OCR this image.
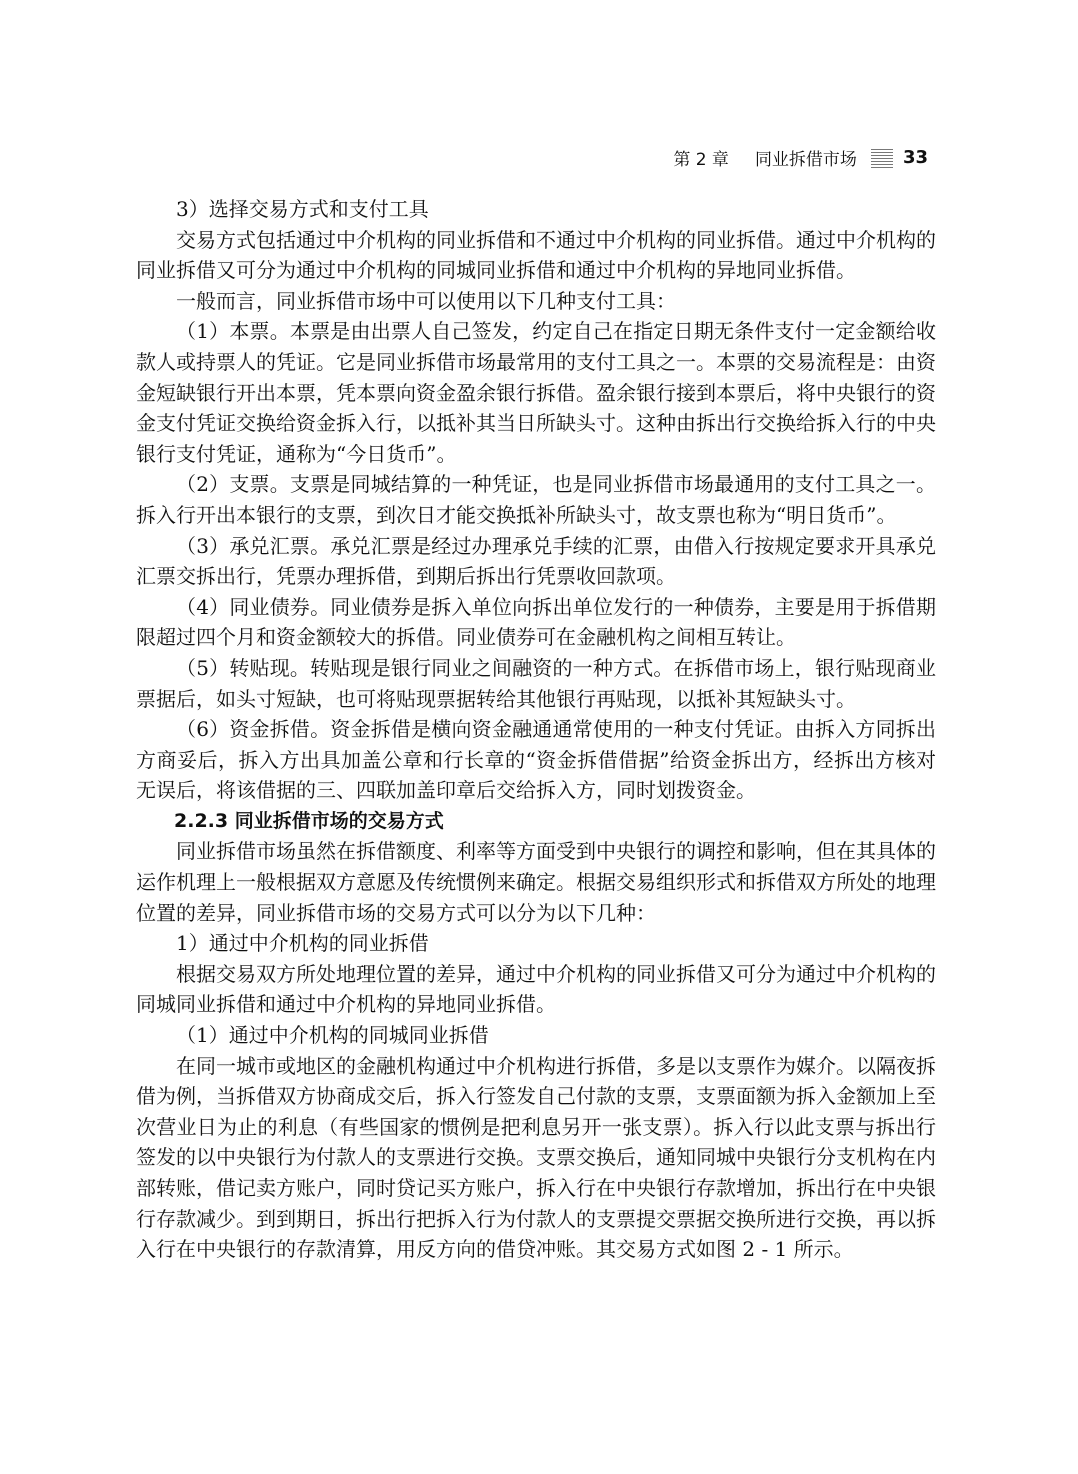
第 2 章 同业拆借市场	33

3）选择交易方式和支付工具

交易方式包括通过中介机构的同业拆借和不通过中介机构的同业拆借。通过中介机构的同业拆借又可分为通过中介机构的同城同业拆借和通过中介机构的异地同业拆借。

一般而言，同业拆借市场中可以使用以下几种支付工具：

（1）本票。本票是由出票人自己签发，约定自己在指定日期无条件支付一定金额给收款人或持票人的凭证。它是同业拆借市场最常用的支付工具之一。本票的交易流程是：由资金短缺银行开出本票，凭本票向资金盈余银行拆借。盈余银行接到本票后，将中央银行的资金支付凭证交换给资金拆入行，以抵补其当日所缺头寸。这种由拆出行交换给拆入行的中央银行支付凭证，通称为“今日货币”。

（2）支票。支票是同城结算的一种凭证，也是同业拆借市场最通用的支付工具之一。拆入行开出本银行的支票，到次日才能交换抵补所缺头寸，故支票也称为“明日货币”。

（3）承兑汇票。承兑汇票是经过办理承兑手续的汇票，由借入行按规定要求开具承兑汇票交拆出行，凭票办理拆借，到期后拆出行凭票收回款项。

（4）同业债券。同业债券是拆入单位向拆出单位发行的一种债券，主要是用于拆借期限超过四个月和资金额较大的拆借。同业债券可在金融机构之间相互转让。

（5）转贴现。转贴现是银行同业之间融资的一种方式。在拆借市场上，银行贴现商业票据后，如头寸短缺，也可将贴现票据转给其他银行再贴现，以抵补其短缺头寸。

（6）资金拆借。资金拆借是横向资金融通通常使用的一种支付凭证。由拆入方同拆出方商妥后，拆入方出具加盖公章和行长章的“资金拆借借据”给资金拆出方，经拆出方核对无误后，将该借据的三、四联加盖印章后交给拆入方，同时划拨资金。

2.2.3 同业拆借市场的交易方式

同业拆借市场虽然在拆借额度、利率等方面受到中央银行的调控和影响，但在其具体的运作机理上一般根据双方意愿及传统惯例来确定。根据交易组织形式和拆借双方所处的地理位置的差异，同业拆借市场的交易方式可以分为以下几种：

1）通过中介机构的同业拆借

根据交易双方所处地理位置的差异，通过中介机构的同业拆借又可分为通过中介机构的同城同业拆借和通过中介机构的异地同业拆借。

（1）通过中介机构的同城同业拆借

在同一城市或地区的金融机构通过中介机构进行拆借，多是以支票作为媒介。以隔夜拆借为例，当拆借双方协商成交后，拆入行签发自己付款的支票，支票面额为拆入金额加上至次营业日为止的利息（有些国家的惯例是把利息另开一张支票）。拆入行以此支票与拆出行签发的以中央银行为付款人的支票进行交换。支票交换后，通知同城中央银行分支机构在内部转账，借记卖方账户，同时贷记买方账户，拆入行在中央银行存款增加，拆出行在中央银行存款减少。到到期日，拆出行把拆入行为付款人的支票提交票据交换所进行交换，再以拆入行在中央银行的存款清算，用反方向的借贷冲账。其交易方式如图 2 - 1 所示。
